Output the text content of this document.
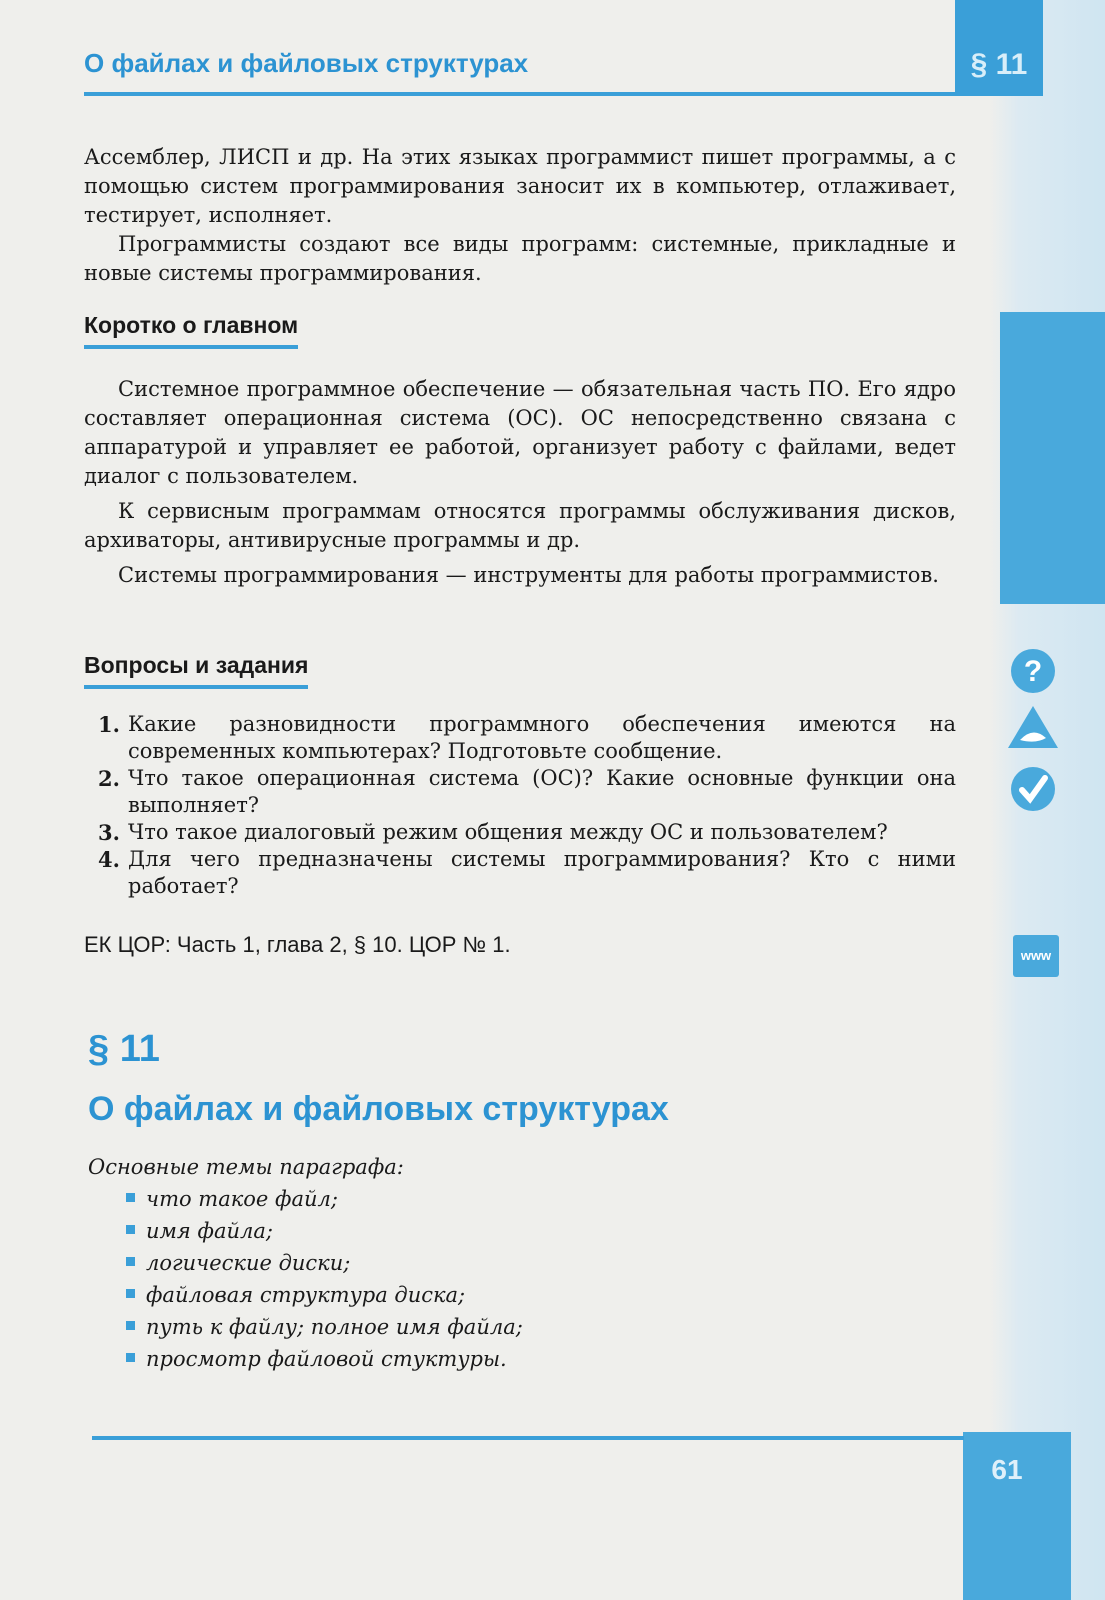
§ 11
61
О файлах и файловых структурах

Ассемблер, ЛИСП и др. На этих языках программист пишет программы, а с помощью систем программирования заносит их в компьютер, отлаживает, тестирует, исполняет.

Программисты создают все виды программ: системные, прикладные и новые системы программирования.

Коротко о главном

Системное программное обеспечение — обязательная часть ПО. Его ядро составляет операционная система (ОС). ОС непосредственно связана с аппаратурой и управляет ее работой, организует работу с файлами, ведет диалог с пользователем.

К сервисным программам относятся программы обслуживания дисков, архиваторы, антивирусные программы и др.

Системы программирования — инструменты для работы программистов.

Вопросы и задания
1. Какие разновидности программного обеспечения имеются на современных компьютерах? Подготовьте сообщение.
2. Что такое операционная система (ОС)? Какие основные функции она выполняет?
3. Что такое диалоговый режим общения между ОС и пользователем?
4. Для чего предназначены системы программирования? Кто с ними работает?
ЕК ЦОР: Часть 1, глава 2, § 10. ЦОР № 1.
§ 11
О файлах и файловых структурах
Основные темы параграфа:
что такое файл;
имя файла;
логические диски;
файловая структура диска;
путь к файлу; полное имя файла;
просмотр файловой стуктуры.
?
www
